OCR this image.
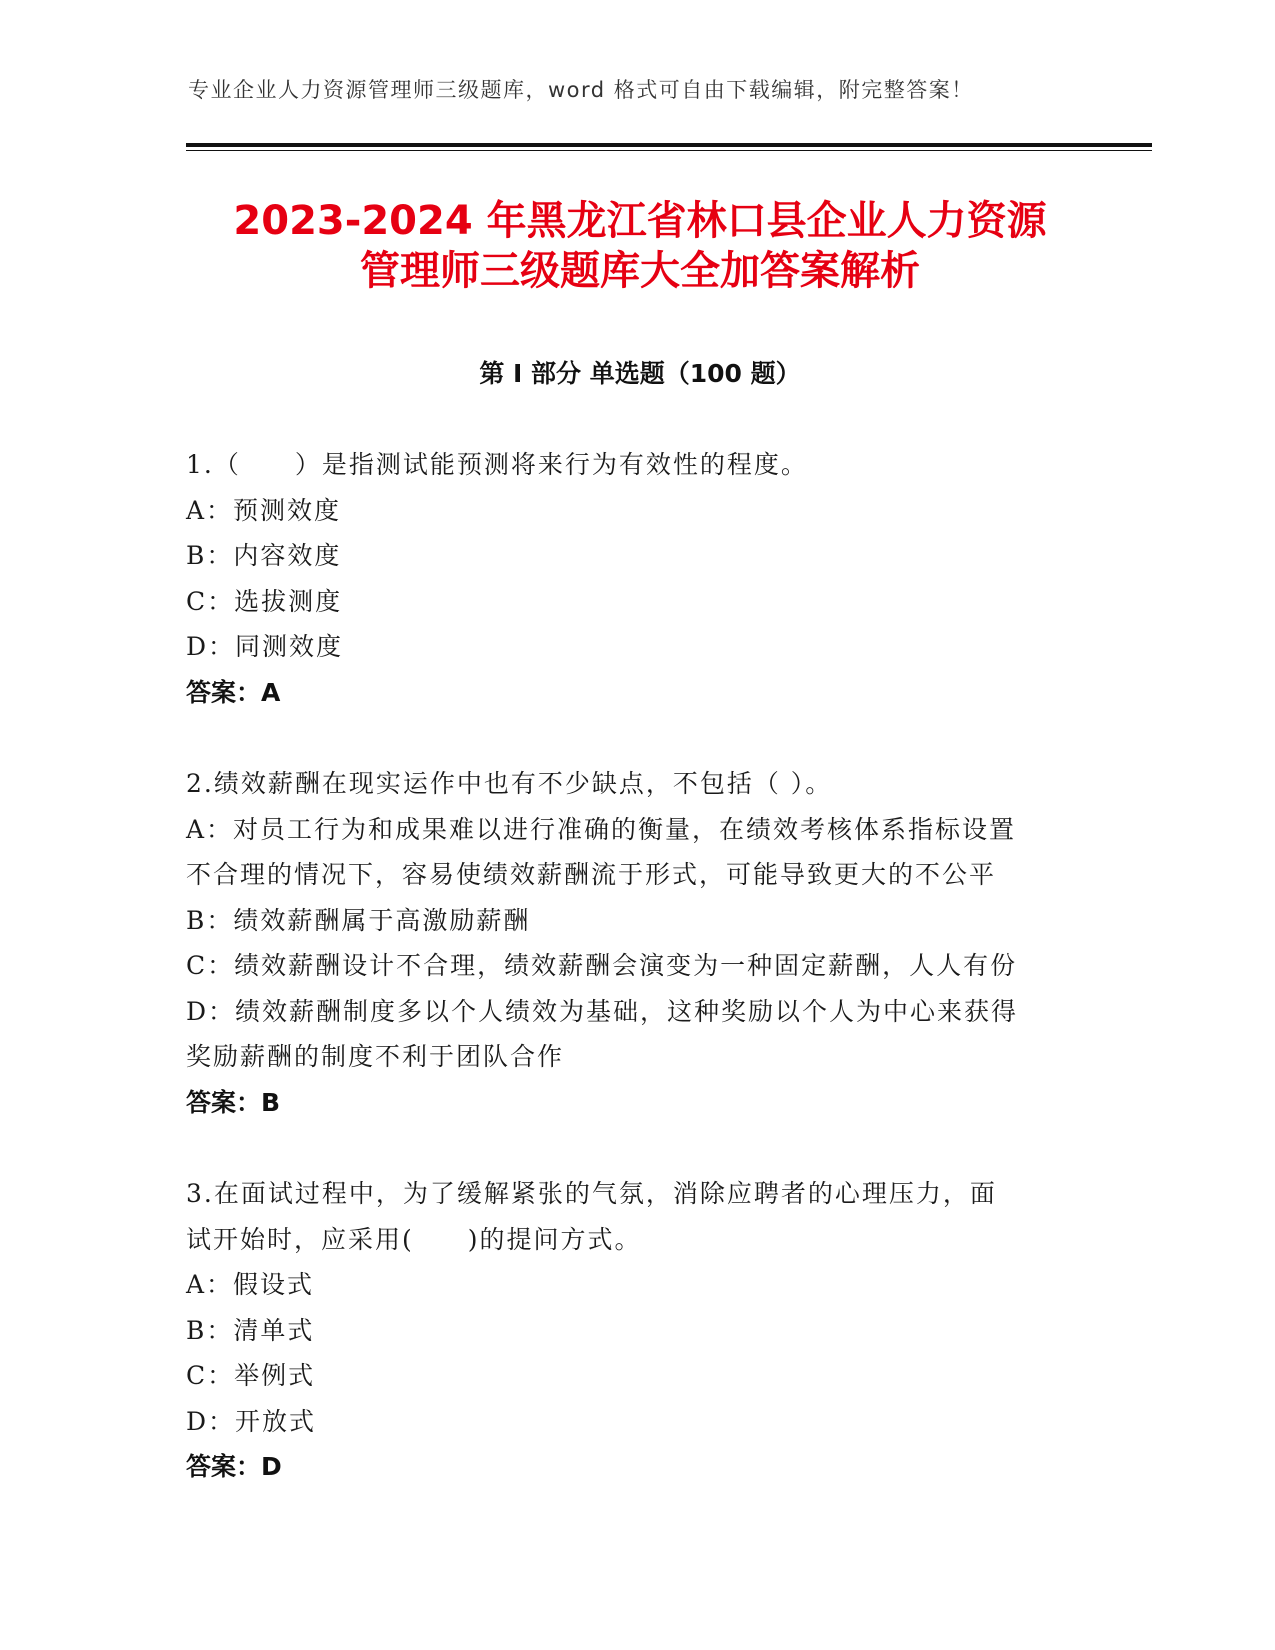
专业企业人力资源管理师三级题库，word 格式可自由下载编辑，附完整答案！
2023-2024 年黑龙江省林口县企业人力资源
管理师三级题库大全加答案解析
第 I 部分 单选题（100 题）
1.（　　）是指测试能预测将来行为有效性的程度。
A：预测效度
B：内容效度
C：选拔测度
D：同测效度
答案：A
2.绩效薪酬在现实运作中也有不少缺点，不包括（ ）。
A：对员工行为和成果难以进行准确的衡量，在绩效考核体系指标设置
不合理的情况下，容易使绩效薪酬流于形式，可能导致更大的不公平
B：绩效薪酬属于高激励薪酬
C：绩效薪酬设计不合理，绩效薪酬会演变为一种固定薪酬，人人有份
D：绩效薪酬制度多以个人绩效为基础，这种奖励以个人为中心来获得
奖励薪酬的制度不利于团队合作
答案：B
3.在面试过程中，为了缓解紧张的气氛，消除应聘者的心理压力，面
试开始时，应采用(　　)的提问方式。
A：假设式
B：清单式
C：举例式
D：开放式
答案：D
